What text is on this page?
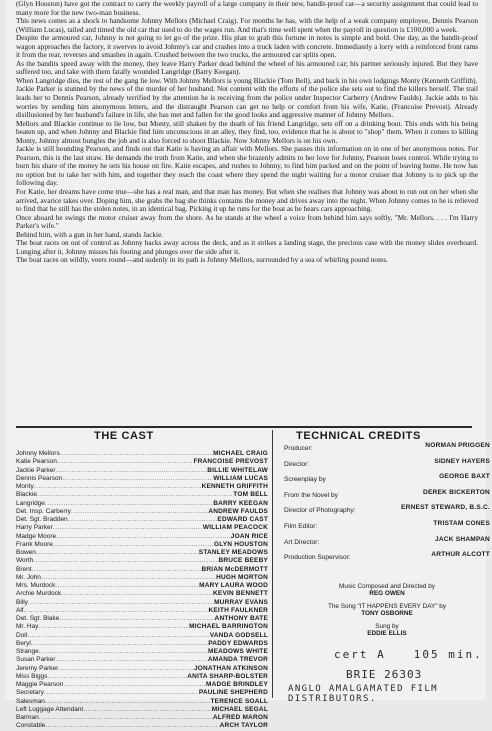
(Glyn Houston) have got the contract to carry the weekly payroll of a large company in their new, bandit-proof car—a security assignment that could lead to many more for the new two-man business.

This news comes as a shock to handsome Johnny Mellors (Michael Craig). For months he has, with the help of a weak company employee, Dennis Pearson (William Lucas), tailed and timed the old car that used to do the wages run. And that's time well spent when the payroll in question is £100,000 a week.

Despite the armoured car, Johnny is not going to let go of the prize. His plan to grab this fortune in notes is simple and bold. One day, as the bandit-proof wagon approaches the factory, it swerves to avoid Johnny's car and crashes into a truck laden with concrete. Immediately a lorry with a reinforced front rams it from the rear, reverses and smashes in again. Crushed between the two trucks, the armoured car splits open.

As the bandits speed away with the money, they leave Harry Parker dead behind the wheel of his armoured car; his partner seriously injured. But they have suffered too, and take with them fatally wounded Langridge (Barry Keegan).

When Langridge dies, the rest of the gang lie low. With Johnny Mellors is young Blackie (Tom Bell), and back in his own lodgings Monty (Kenneth Griffith).

Jackie Parker is stunned by the news of the murder of her husband. Not content with the efforts of the police she sets out to find the killers herself. The trail leads her to Dennis Pearson, already terrified by the attention he is receiving from the police under Inspector Carberry (Andrew Faulds). Jackie adds to his worries by sending him anonymous letters, and the distraught Pearson can get no help or comfort from his wife, Katie, (Francoise Prevost). Already disillusioned by her husband's failure in life, she has met and fallen for the good looks and aggressive manner of Johnny Mellors.

Mellors and Blackie continue to lie low, but Monty, still shaken by the death of his friend Langridge, sets off on a drinking bout. This ends with his being beaten up, and when Johnny and Blackie find him unconscious in an alley, they find, too, evidence that he is about to "shop" them. When it comes to killing Monty, Johnny almost bungles the job and is also forced to shoot Blackie. Now Johnny Mellors is on his own.

Jackie is still hounding Pearson, and finds out that Katie is having an affair with Mellors. She passes this information on in one of her anonymous notes. For Pearson, this is the last straw. He demands the truth from Katie, and when she brazenly admits to her love for Johnny, Pearson loses control. While trying to burn his share of the money he sets his house on fire. Katie escapes, and rushes to Johnny, to find him packed and on the point of leaving home. He now has no option but to take her with him, and together they reach the coast where they spend the night waiting for a motor cruiser that Johnny is to pick up the following day.

For Katie, her dreams have come true—she has a real man, and that man has money. But when she realises that Johnny was about to run out on her when she arrived, avarice takes over. Doping him, she grabs the bag she thinks contains the money and drives away into the night. When Johnny comes to he is relieved to find that he still has the stolen notes, in an identical bag. Picking it up he runs for the boat as he hears cars approaching.

Once aboard he swings the motor cruiser away from the shore. As he stands at the wheel a voice from behind him says softly, "Mr. Mellors. . . . I'm Harry Parker's wife."

Behind him, with a gun in her hand, stands Jackie.

The boat races on out of control as Johnny backs away across the deck, and as it strikes a landing stage, the precious case with the money slides overboard. Lunging after it, Johnny misses his footing and plunges over the side after it.

The boat races on wildly, veers round—and sudenly in its path is Johnny Mellors, surrounded by a sea of whirling pound notes.

THE CAST	TECHNICAL CREDITS
Johnny Mellors .....	MICHAEL CRAIG
Katie Pearson .....	FRANCOISE PREVOST
Jackie Parker .....	BILLIE WHITELAW
Dennis Pearson .....	WILLIAM LUCAS
Monty .....	KENNETH GRIFFITH
Blackie .....	TOM BELL
Langridge .....	BARRY KEEGAN
Det. Insp. Carberry .....	ANDREW FAULDS
Det. Sgt. Bradden .....	EDWARD CAST
Harry Parker .....	WILLIAM PEACOCK
Madge Moore .....	JOAN RICE
Frank Moore .....	GLYN HOUSTON
Bowen .....	STANLEY MEADOWS
Worth .....	BRUCE BEEBY
Brent .....	BRIAN McDERMOTT
Mr. John .....	HUGH MORTON
Mrs. Murdock .....	MARY LAURA WOOD
Archie Murdock .....	KEVIN BENNETT
Billy .....	MURRAY EVANS
Alf .....	KEITH FAULKNER
Det. Sgt. Blake .....	ANTHONY BATE
Mr. Hay .....	MICHAEL BARRINGTON
Doll .....	VANDA GODSELL
Beryl .....	PADDY EDWARDS
Strange .....	MEADOWS WHITE
Susan Parker .....	AMANDA TREVOR
Jeremy Parker .....	JONATHAN ATKINSON
Miss Biggs .....	ANITA SHARP-BOLSTER
Maggie Pearson .....	MADGE BRINDLEY
Secretary .....	PAULINE SHEPHERD
Salesman .....	TERENCE SOALL
Left Luggage Attendant .....	MICHAEL SEGAL
Barman .....	ALFRED MARON
Constable .....	ARCH TAYLOR
Producer:	NORMAN PRIGGEN
Director:	SIDNEY HAYERS
Screenplay by	GEORGE BAXT
From the Novel by	DEREK BICKERTON
Director of Photography:	ERNEST STEWARD, B.S.C.
Film Editor:	TRISTAM CONES
Art Director:	JACK SHAMPAN
Production Supervisor:	ARTHUR ALCOTT
Music Composed and Directed by
REG OWEN
The Song "IT HAPPENS EVERY DAY" by
TONY OSBORNE
Sung by
EDDIE ELLIS
cert A	105 min.
BRIE 26303
ANGLO AMALGAMATED FILM DISTRIBUTORS.
